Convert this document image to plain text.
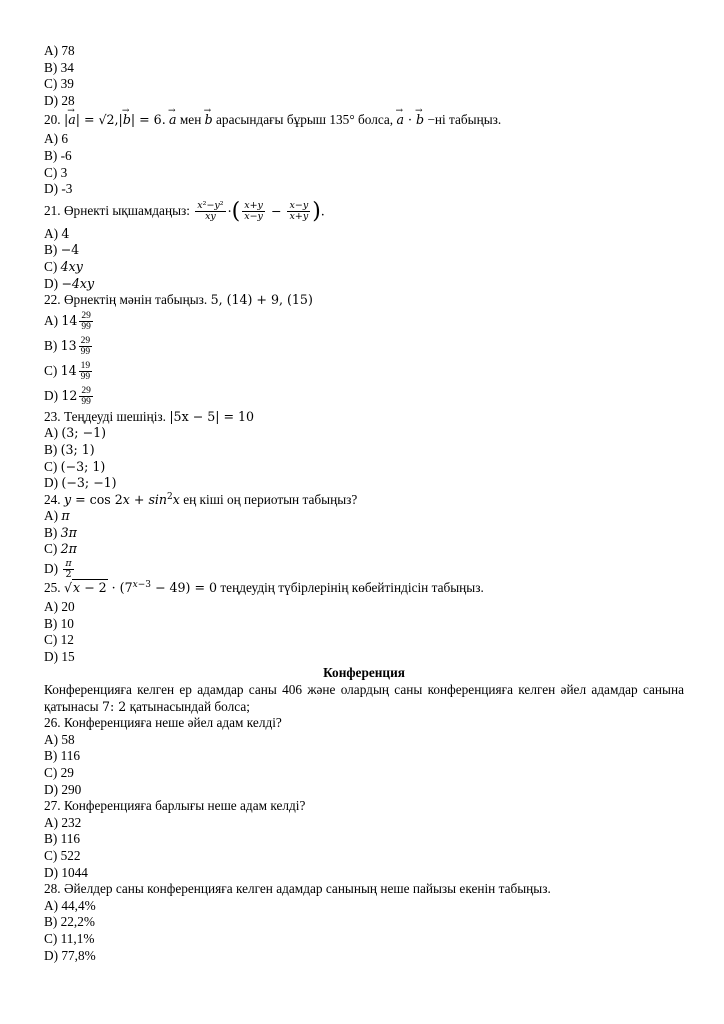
A) 78
B) 34
C) 39
D) 28
20. |→ a| = √2,|→ b| = 6. → a мен → b арасындағы бұрыш 135° болса, → a · → b −ні табыңыз.
A) 6
B) -6
C) 3
D) -3
21.
Өрнекті ықшамдаңыз:
$\frac{\text{x²−y²}}{xy}$ ·( $\frac{x+y}{x-y} - \frac{x-y}{x+y}$ ).
A) 4
B) −4
C) 4xy
D) −4xy
22. Өрнектің мәнін табыңыз. 5, (14) + 9, (15)
A)
$14 \frac{29}{99}$
B)
$13 \frac{29}{99}$
C)
$14 \frac{19}{99}$
D)
$12 \frac{29}{99}$
23. Теңдеуді шешіңіз. |5x − 5| = 10
A) (3; −1)
B) (3; 1)
C) (−3; 1)
D) (−3; −1)
24. $y = \cos 2x + \sin^2x$ ең кіші оң периотын табыңыз?
A) π
B) 3π
C) 2π
D)
$\frac{\pi}{2}$
25. $√x - 2 \cdot (7^{x-3} - 49) = 0$ теңдеудің түбірлерінің көбейтіндісін табыңыз.
A) 20
B) 10
C) 12
D) 15
Конференция
Конференцияға келген ер адамдар саны 406 және олардың саны конференцияға келген әйел адамдар санына қатынасы 7: 2 қатынасындай болса;
26. Конференцияға неше әйел адам келді?
A) 58
B) 116
C) 29
D) 290
27. Конференцияға барлығы неше адам келді?
A) 232
B) 116
C) 522
D) 1044
28. Әйелдер саны конференцияға келген адамдар санының неше пайызы екенін табыңыз.
A) 44,4%
B) 22,2%
C) 11,1%
D) 77,8%
